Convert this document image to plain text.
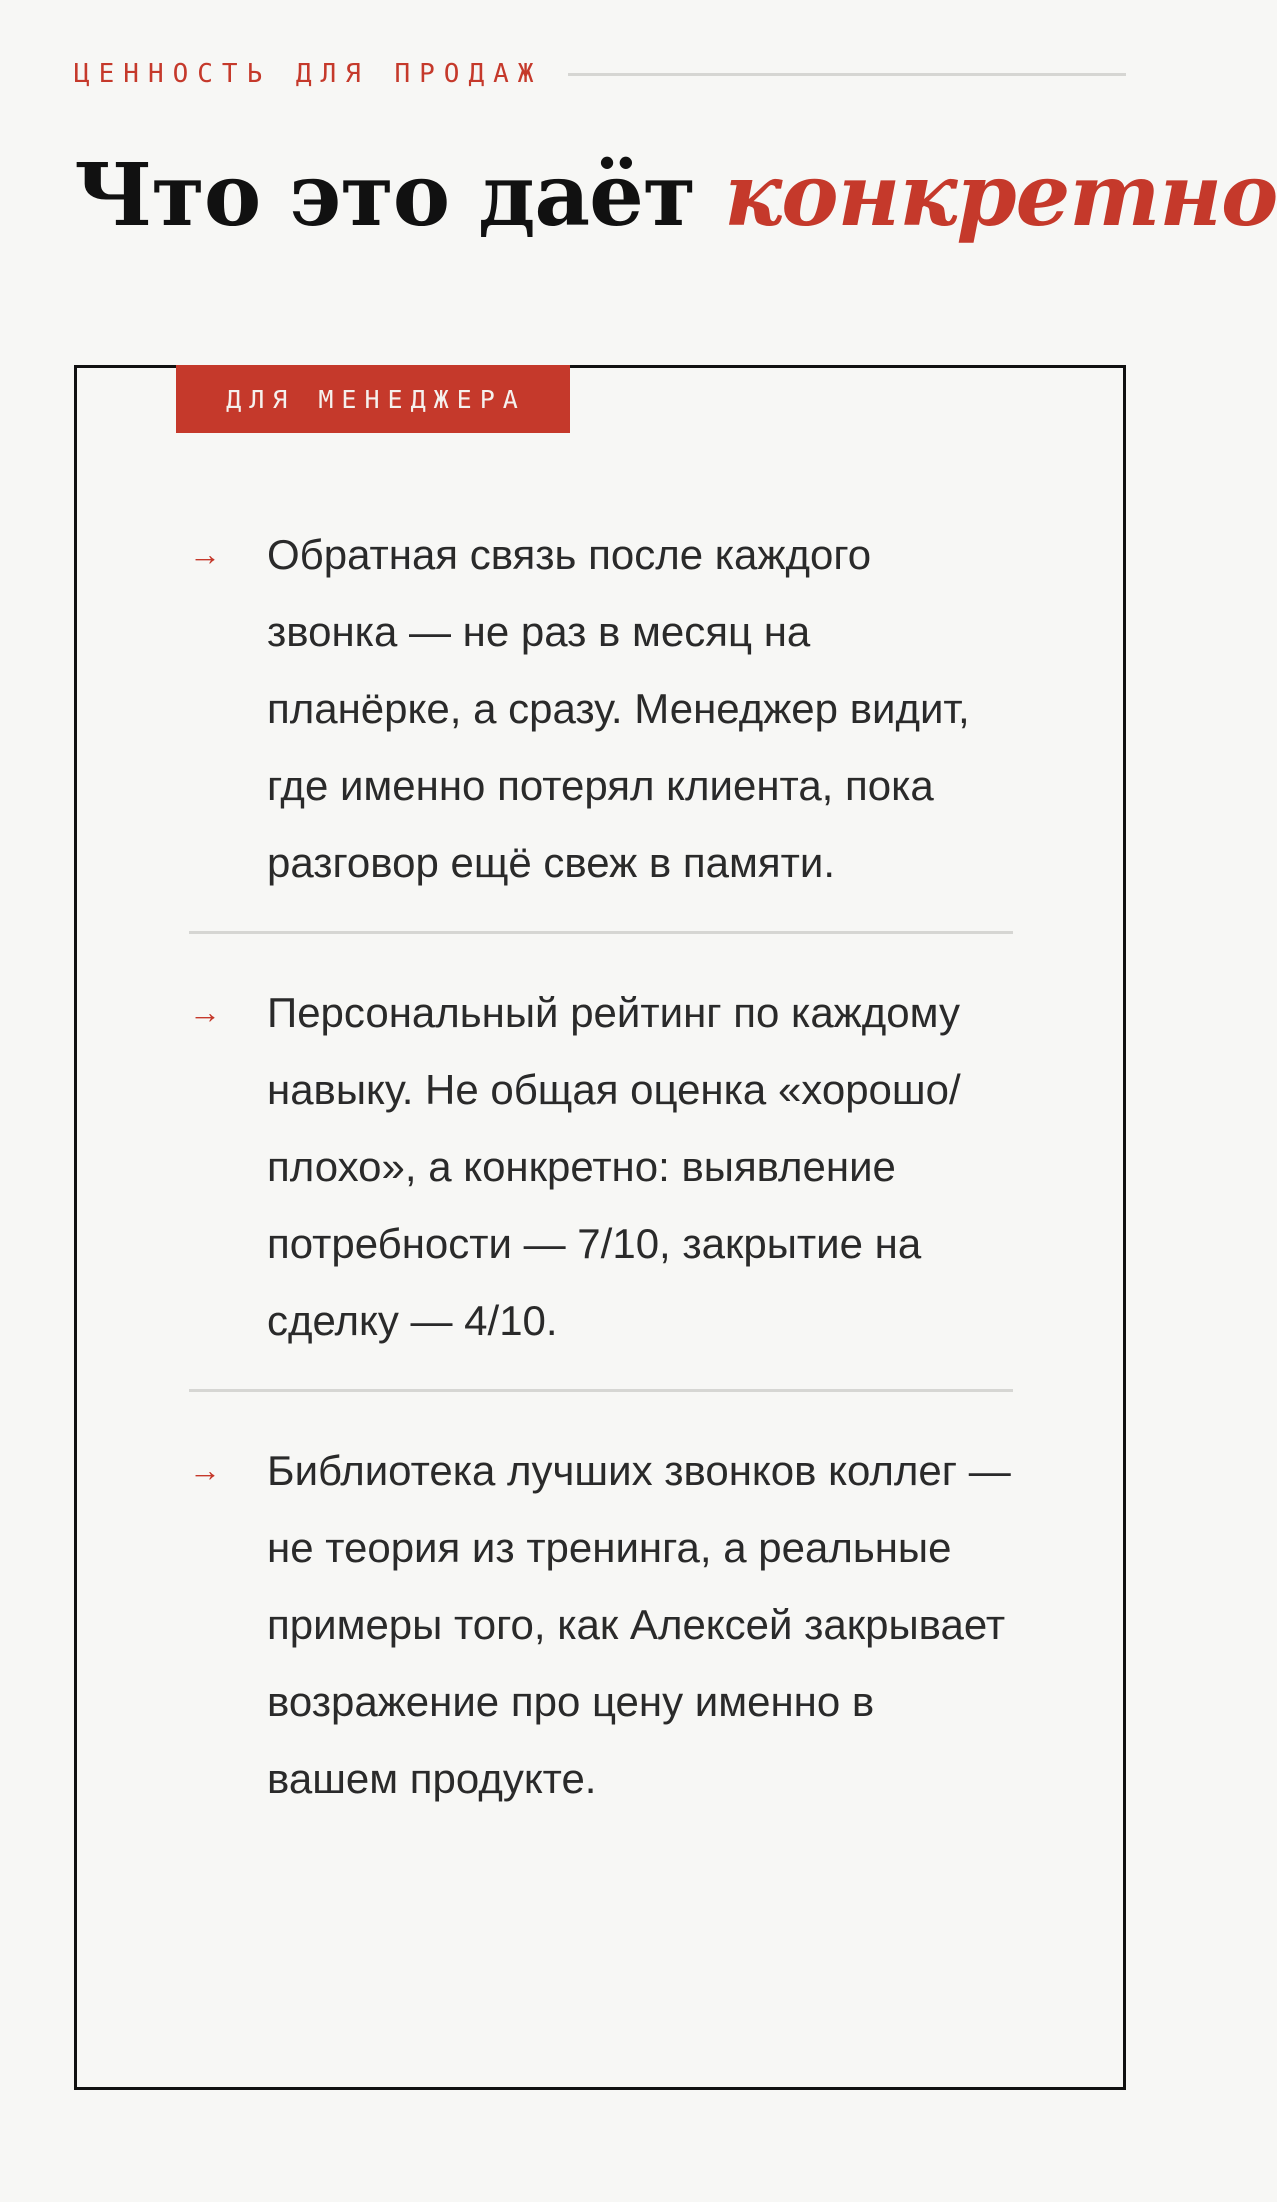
ЦЕННОСТЬ ДЛЯ ПРОДАЖ
Что это даёт конкретно
ДЛЯ МЕНЕДЖЕРА
→ Обратная связь после каждого звонка — не раз в месяц на планёрке, а сразу. Менеджер видит, где именно потерял клиента, пока разговор ещё свеж в памяти.
→ Персональный рейтинг по каждому навыку. Не общая оценка «хорошо/плохо», а конкретно: выявление потребности — 7/10, закрытие на сделку — 4/10.
→ Библиотека лучших звонков коллег — не теория из тренинга, а реальные примеры того, как Алексей закрывает возражение про цену именно в вашем продукте.
